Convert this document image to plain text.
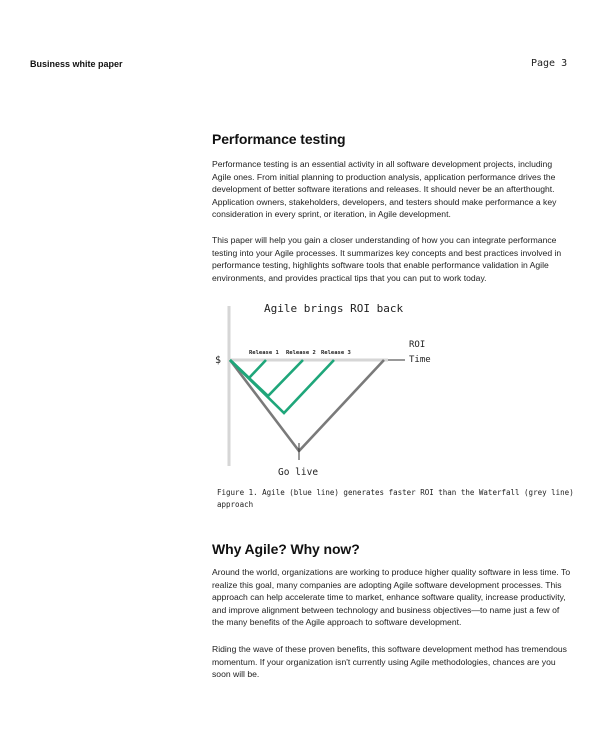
Business white paper	Page 3
Performance testing

Performance testing is an essential activity in all software development projects, including Agile ones. From initial planning to production analysis, application performance drives the development of better software iterations and releases. It should never be an afterthought. Application owners, stakeholders, developers, and testers should make performance a key consideration in every sprint, or iteration, in Agile development.

This paper will help you gain a closer understanding of how you can integrate performance testing into your Agile processes. It summarizes key concepts and best practices involved in performance testing, highlights software tools that enable performance validation in Agile environments, and provides practical tips that you can put to work today.

Agile brings ROI back
$
ROI
Time
Release 1 Release 2 Release 3
Go live
Figure 1. Agile (blue line) generates faster ROI than the Waterfall (grey line) approach
Why Agile? Why now?

Around the world, organizations are working to produce higher quality software in less time. To realize this goal, many companies are adopting Agile software development processes. This approach can help accelerate time to market, enhance software quality, increase productivity, and improve alignment between technology and business objectives—to name just a few of the many benefits of the Agile approach to software development.

Riding the wave of these proven benefits, this software development method has tremendous momentum. If your organization isn't currently using Agile methodologies, chances are you soon will be.
